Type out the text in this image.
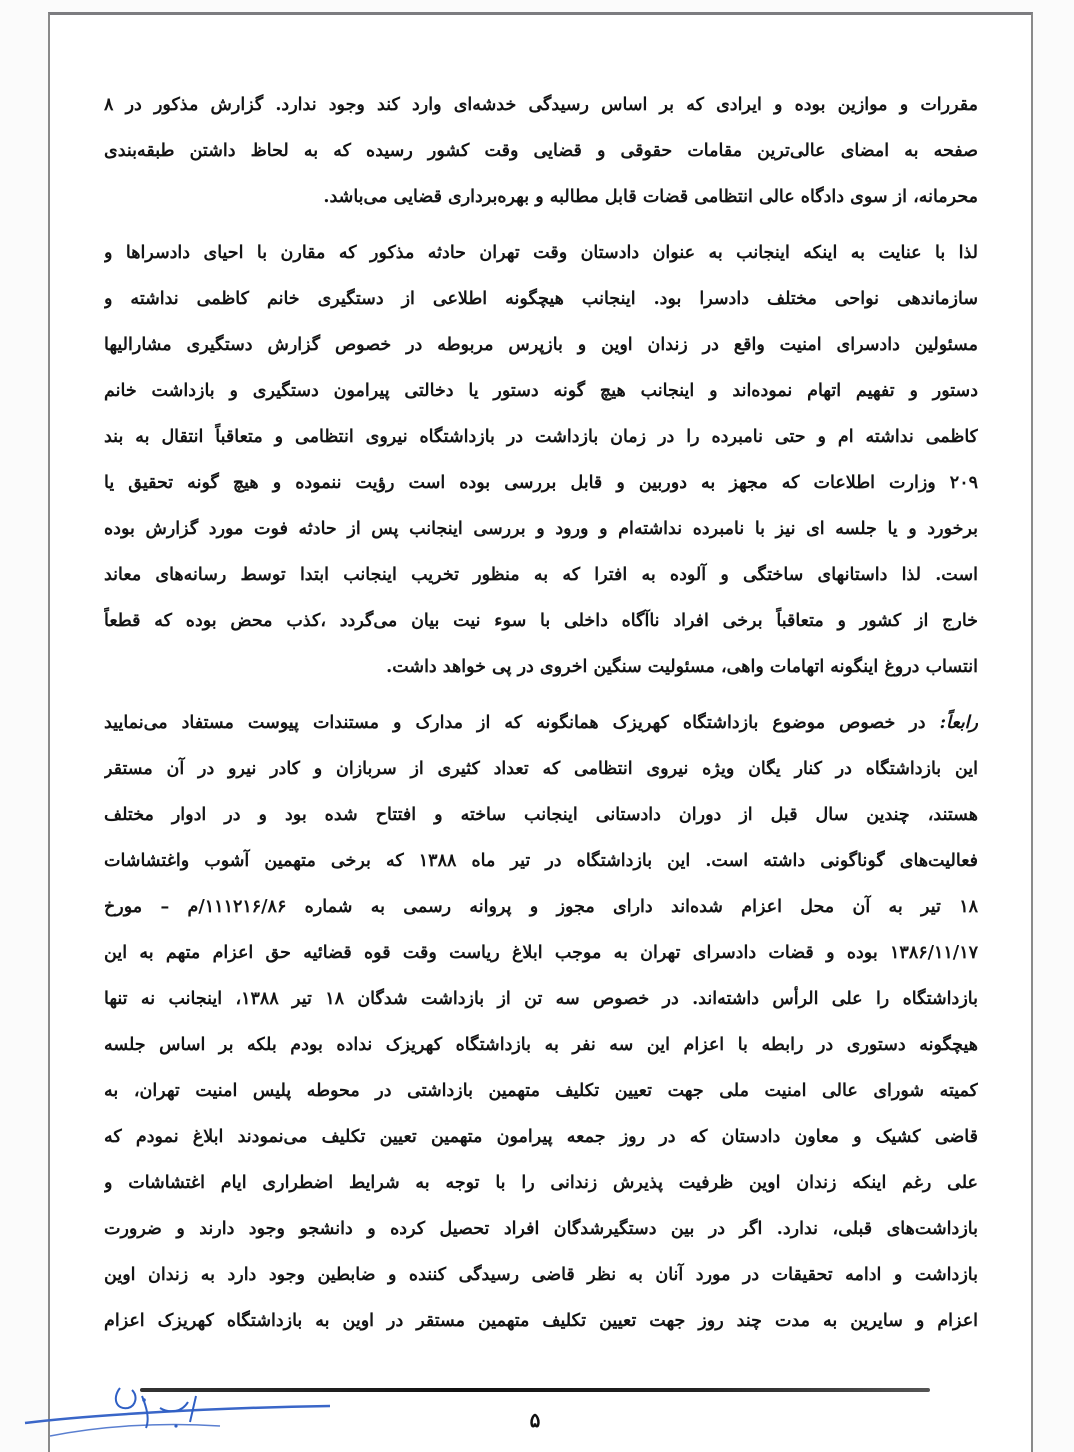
مقررات و موازین بوده و ایرادی که بر اساس رسیدگی خدشه‌ای وارد کند وجود ندارد. گزارش مذکور در ۸
صفحه به امضای عالی‌ترین مقامات حقوقی و قضایی وقت کشور رسیده که به لحاظ داشتن طبقه‌بندی
محرمانه، از سوی دادگاه عالی انتظامی قضات قابل مطالبه و بهره‌برداری قضایی می‌باشد.

لذا با عنایت به اینکه اینجانب به عنوان دادستان وقت تهران حادثه مذکور که مقارن با احیای دادسراها و
سازماندهی نواحی مختلف دادسرا بود. اینجانب هیچگونه اطلاعی از دستگیری خانم کاظمی نداشته و
مسئولین دادسرای امنیت واقع در زندان اوین و بازپرس مربوطه در خصوص گزارش دستگیری مشارالیها
دستور و تفهیم اتهام نموده‌اند و اینجانب هیچ گونه دستور یا دخالتی پیرامون دستگیری و بازداشت خانم
کاظمی نداشته ام و حتی نامبرده را در زمان بازداشت در بازداشتگاه نیروی انتظامی و متعاقباً انتقال به بند
۲۰۹ وزارت اطلاعات که مجهز به دوربین و قابل بررسی بوده است رؤیت ننموده و هیچ گونه تحقیق یا
برخورد و یا جلسه ای نیز با نامبرده نداشته‌ام و ورود و بررسی اینجانب پس از حادثه فوت مورد گزارش بوده
است. لذا داستانهای ساختگی و آلوده به افترا که به منظور تخریب اینجانب ابتدا توسط رسانه‌های معاند
خارج از کشور و متعاقباً برخی افراد ناآگاه داخلی با سوء نیت بیان می‌گردد ،کذب محض بوده که قطعاً
انتساب دروغ اینگونه اتهامات واهی، مسئولیت سنگین اخروی در پی خواهد داشت.

رابعاً: در خصوص موضوع بازداشتگاه کهریزک همانگونه که از مدارک و مستندات پیوست مستفاد می‌نمایید
این بازداشتگاه در کنار یگان ویژه نیروی انتظامی که تعداد کثیری از سربازان و کادر نیرو در آن مستقر
هستند، چندین سال قبل از دوران دادستانی اینجانب ساخته و افتتاح شده بود و در ادوار مختلف
فعالیت‌های گوناگونی داشته است. این بازداشتگاه در تیر ماه ۱۳۸۸ که برخی متهمین آشوب واغتشاشات
۱۸ تیر به آن محل اعزام شده‌اند دارای مجوز و پروانه رسمی به شماره ۱۱۱۲۱۶/۸۶/م – مورخ
۱۳۸۶/۱۱/۱۷ بوده و قضات دادسرای تهران به موجب ابلاغ ریاست وقت قوه قضائیه حق اعزام متهم به این
بازداشتگاه را علی الرأس داشته‌اند. در خصوص سه تن از بازداشت شدگان ۱۸ تیر ۱۳۸۸، اینجانب نه تنها
هیچگونه دستوری در رابطه با اعزام این سه نفر به بازداشتگاه کهریزک نداده بودم بلکه بر اساس جلسه
کمیته شورای عالی امنیت ملی جهت تعیین تکلیف متهمین بازداشتی در محوطه پلیس امنیت تهران، به
قاضی کشیک و معاون دادستان که در روز جمعه پیرامون متهمین تعیین تکلیف می‌نمودند ابلاغ نمودم که
علی رغم اینکه زندان اوین ظرفیت پذیرش زندانی را با توجه به شرایط اضطراری ایام اغتشاشات و
بازداشت‌های قبلی، ندارد. اگر در بین دستگیرشدگان افراد تحصیل کرده و دانشجو وجود دارند و ضرورت
بازداشت و ادامه تحقیقات در مورد آنان به نظر قاضی رسیدگی کننده و ضابطین وجود دارد به زندان اوین
اعزام و سایرین به مدت چند روز جهت تعیین تکلیف متهمین مستقر در اوین به بازداشتگاه کهریزک اعزام

۵
